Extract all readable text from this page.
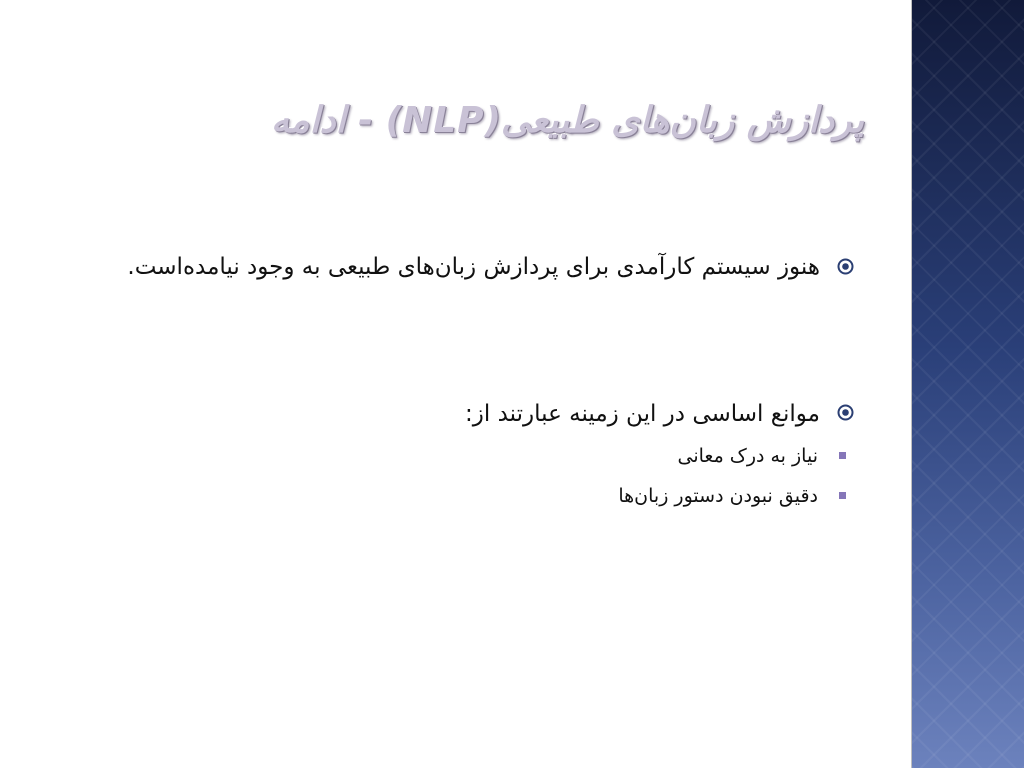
پردازش زبان‌های طبیعی(NLP) - ادامه

هنوز سیستم کارآمدی برای پردازش زبان‌های طبیعی به وجود نیامده‌است.

موانع اساسی در این زمینه عبارتند از:

نیاز به درک معانی

دقیق نبودن دستور زبان‌ها
